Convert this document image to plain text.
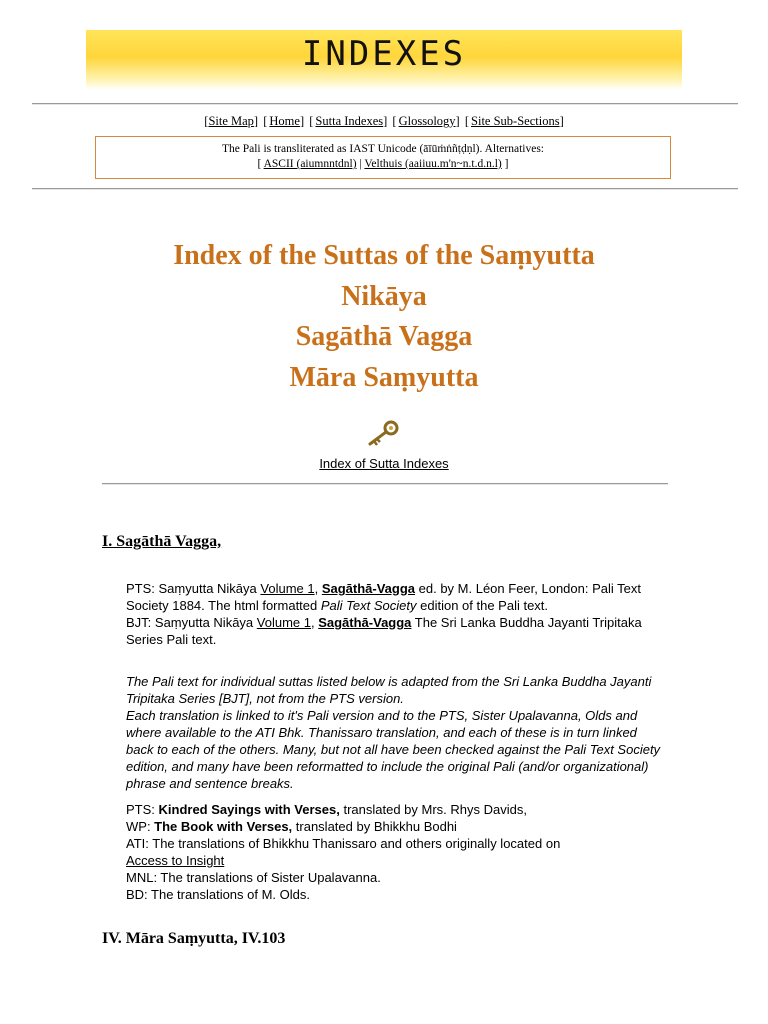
INDEXES
[Site Map] [ Home] [ Sutta Indexes] [ Glossology] [ Site Sub-Sections]
The Pali is transliterated as IAST Unicode (āīūṁṅñṭḍṇl). Alternatives:
[ ASCII (aiumnntdnl) | Velthuis (aaiiuu.m'n~n.t.d.n.l) ]
Index of the Suttas of the Saṃyutta
Nikāya
Sagāthā Vagga
Māra Saṃyutta
Index of Sutta Indexes
I. Sagāthā Vagga,
PTS: Saṃyutta Nikāya Volume 1, Sagāthā-Vagga ed. by M. Léon Feer, London: Pali Text Society 1884. The html formatted Pali Text Society edition of the Pali text.
BJT: Saṃyutta Nikāya Volume 1, Sagāthā-Vagga The Sri Lanka Buddha Jayanti Tripitaka Series Pali text.
The Pali text for individual suttas listed below is adapted from the Sri Lanka Buddha Jayanti Tripitaka Series [BJT], not from the PTS version.
Each translation is linked to it's Pali version and to the PTS, Sister Upalavanna, Olds and where available to the ATI Bhk. Thanissaro translation, and each of these is in turn linked back to each of the others. Many, but not all have been checked against the Pali Text Society edition, and many have been reformatted to include the original Pali (and/or organizational) phrase and sentence breaks.
PTS: Kindred Sayings with Verses, translated by Mrs. Rhys Davids,
WP: The Book with Verses, translated by Bhikkhu Bodhi
ATI: The translations of Bhikkhu Thanissaro and others originally located on
Access to Insight
MNL: The translations of Sister Upalavanna.
BD: The translations of M. Olds.
IV. Māra Saṃyutta, IV.103
